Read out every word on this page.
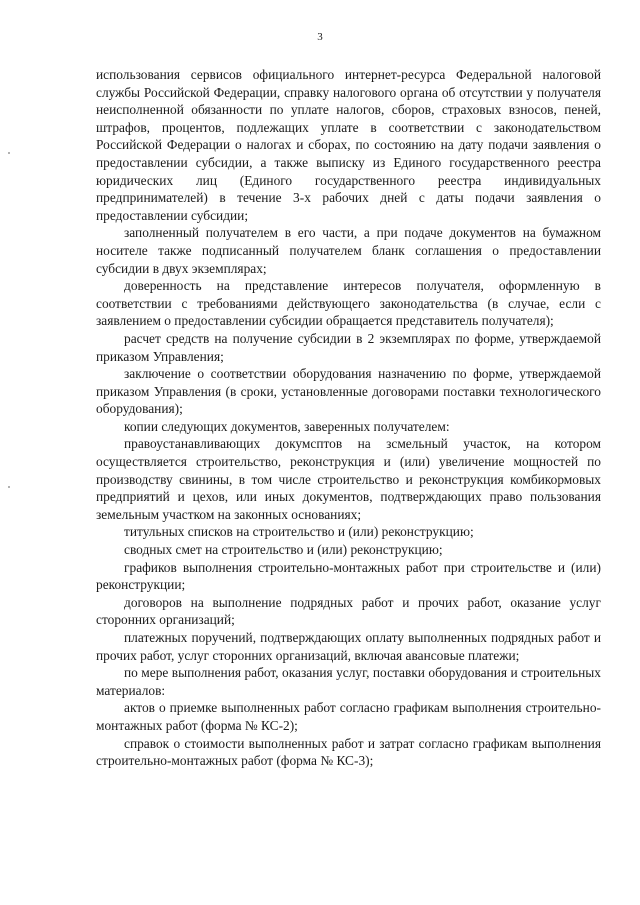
3

использования сервисов официального интернет-ресурса Федеральной налоговой службы Российской Федерации, справку налогового органа об отсутствии у получателя неисполненной обязанности по уплате налогов, сборов, страховых взносов, пеней, штрафов, процентов, подлежащих уплате в соответствии с законодательством Российской Федерации о налогах и сборах, по состоянию на дату подачи заявления о предоставлении субсидии, а также выписку из Единого государственного реестра юридических лиц (Единого государственного реестра индивидуальных предпринимателей) в течение 3-х рабочих дней с даты подачи заявления о предоставлении субсидии;

заполненный получателем в его части, а при подаче документов на бумажном носителе также подписанный получателем бланк соглашения о предоставлении субсидии в двух экземплярах;

доверенность на представление интересов получателя, оформленную в соответствии с требованиями действующего законодательства (в случае, если с заявлением о предоставлении субсидии обращается представитель получателя);

расчет средств на получение субсидии в 2 экземплярах по форме, утверждаемой приказом Управления;

заключение о соответствии оборудования назначению по форме, утверждаемой приказом Управления (в сроки, установленные договорами поставки технологического оборудования);

копии следующих документов, заверенных получателем:

правоустанавливающих докумсптов на зсмельный участок, на котором осуществляется строительство, реконструкция и (или) увеличение мощностей по производству свинины, в том числе строительство и реконструкция комбикормовых предприятий и цехов, или иных документов, подтверждающих право пользования земельным участком на законных основаниях;

титульных списков на строительство и (или) реконструкцию;

сводных смет на строительство и (или) реконструкцию;

графиков выполнения строительно-монтажных работ при строительстве и (или) реконструкции;

договоров на выполнение подрядных работ и прочих работ, оказание услуг сторонних организаций;

платежных поручений, подтверждающих оплату выполненных подрядных работ и прочих работ, услуг сторонних организаций, включая авансовые платежи;

по мере выполнения работ, оказания услуг, поставки оборудования и строительных материалов:

актов о приемке выполненных работ согласно графикам выполнения строительно-монтажных работ (форма № КС-2);

справок о стоимости выполненных работ и затрат согласно графикам выполнения строительно-монтажных работ (форма № КС-3);
